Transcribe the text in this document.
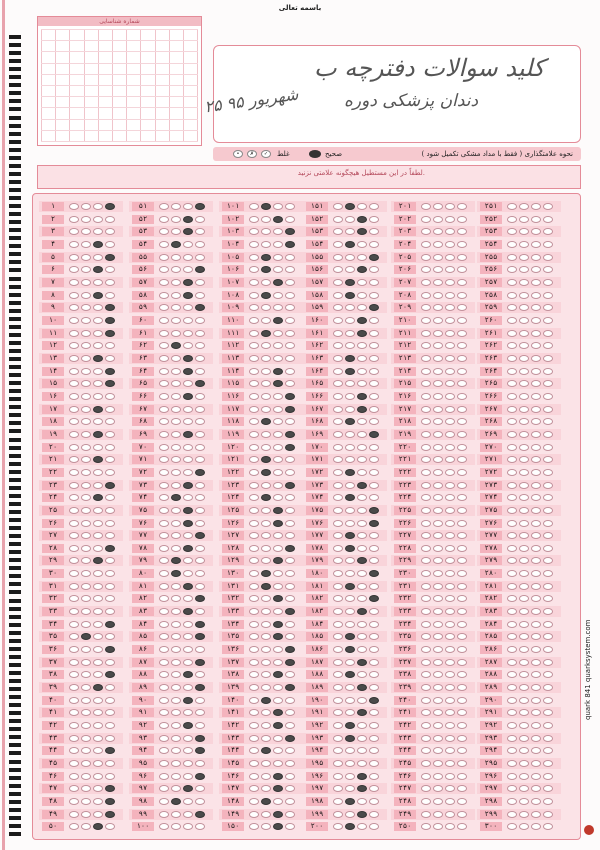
باسمه تعالی
شماره شناسایی
کلید سوالات دفترچه ب
دندان پزشکی دوره
۲۵ شهریور ۹۵
نحوه علامتگذاری ( فقط با مداد مشکی تکمیل شود )
صحیح
غلط
✓
✗
•
لطفاً در این مستطیل هیچگونه علامتی نزنید.
۱
۲
۳
۴
۵
۶
۷
۸
۹
۱۰
۱۱
۱۲
۱۳
۱۴
۱۵
۱۶
۱۷
۱۸
۱۹
۲۰
۲۱
۲۲
۲۳
۲۴
۲۵
۲۶
۲۷
۲۸
۲۹
۳۰
۳۱
۳۲
۳۳
۳۴
۳۵
۳۶
۳۷
۳۸
۳۹
۴۰
۴۱
۴۲
۴۳
۴۴
۴۵
۴۶
۴۷
۴۸
۴۹
۵۰
۵۱
۵۲
۵۳
۵۴
۵۵
۵۶
۵۷
۵۸
۵۹
۶۰
۶۱
۶۲
۶۳
۶۴
۶۵
۶۶
۶۷
۶۸
۶۹
۷۰
۷۱
۷۲
۷۳
۷۴
۷۵
۷۶
۷۷
۷۸
۷۹
۸۰
۸۱
۸۲
۸۳
۸۴
۸۵
۸۶
۸۷
۸۸
۸۹
۹۰
۹۱
۹۲
۹۳
۹۴
۹۵
۹۶
۹۷
۹۸
۹۹
۱۰۰
۱۰۱
۱۰۲
۱۰۳
۱۰۴
۱۰۵
۱۰۶
۱۰۷
۱۰۸
۱۰۹
۱۱۰
۱۱۱
۱۱۲
۱۱۳
۱۱۴
۱۱۵
۱۱۶
۱۱۷
۱۱۸
۱۱۹
۱۲۰
۱۲۱
۱۲۲
۱۲۳
۱۲۴
۱۲۵
۱۲۶
۱۲۷
۱۲۸
۱۲۹
۱۳۰
۱۳۱
۱۳۲
۱۳۳
۱۳۴
۱۳۵
۱۳۶
۱۳۷
۱۳۸
۱۳۹
۱۴۰
۱۴۱
۱۴۲
۱۴۳
۱۴۴
۱۴۵
۱۴۶
۱۴۷
۱۴۸
۱۴۹
۱۵۰
۱۵۱
۱۵۲
۱۵۳
۱۵۴
۱۵۵
۱۵۶
۱۵۷
۱۵۸
۱۵۹
۱۶۰
۱۶۱
۱۶۲
۱۶۳
۱۶۴
۱۶۵
۱۶۶
۱۶۷
۱۶۸
۱۶۹
۱۷۰
۱۷۱
۱۷۲
۱۷۳
۱۷۴
۱۷۵
۱۷۶
۱۷۷
۱۷۸
۱۷۹
۱۸۰
۱۸۱
۱۸۲
۱۸۳
۱۸۴
۱۸۵
۱۸۶
۱۸۷
۱۸۸
۱۸۹
۱۹۰
۱۹۱
۱۹۲
۱۹۳
۱۹۴
۱۹۵
۱۹۶
۱۹۷
۱۹۸
۱۹۹
۲۰۰
۲۰۱
۲۰۲
۲۰۳
۲۰۴
۲۰۵
۲۰۶
۲۰۷
۲۰۸
۲۰۹
۲۱۰
۲۱۱
۲۱۲
۲۱۳
۲۱۴
۲۱۵
۲۱۶
۲۱۷
۲۱۸
۲۱۹
۲۲۰
۲۲۱
۲۲۲
۲۲۳
۲۲۴
۲۲۵
۲۲۶
۲۲۷
۲۲۸
۲۲۹
۲۳۰
۲۳۱
۲۳۲
۲۳۳
۲۳۴
۲۳۵
۲۳۶
۲۳۷
۲۳۸
۲۳۹
۲۴۰
۲۴۱
۲۴۲
۲۴۳
۲۴۴
۲۴۵
۲۴۶
۲۴۷
۲۴۸
۲۴۹
۲۵۰
۲۵۱
۲۵۲
۲۵۳
۲۵۴
۲۵۵
۲۵۶
۲۵۷
۲۵۸
۲۵۹
۲۶۰
۲۶۱
۲۶۲
۲۶۳
۲۶۴
۲۶۵
۲۶۶
۲۶۷
۲۶۸
۲۶۹
۲۷۰
۲۷۱
۲۷۲
۲۷۳
۲۷۴
۲۷۵
۲۷۶
۲۷۷
۲۷۸
۲۷۹
۲۸۰
۲۸۱
۲۸۲
۲۸۳
۲۸۴
۲۸۵
۲۸۶
۲۸۷
۲۸۸
۲۸۹
۲۹۰
۲۹۱
۲۹۲
۲۹۳
۲۹۴
۲۹۵
۲۹۶
۲۹۷
۲۹۸
۲۹۹
۳۰۰
quark 841 quarksystem.com
